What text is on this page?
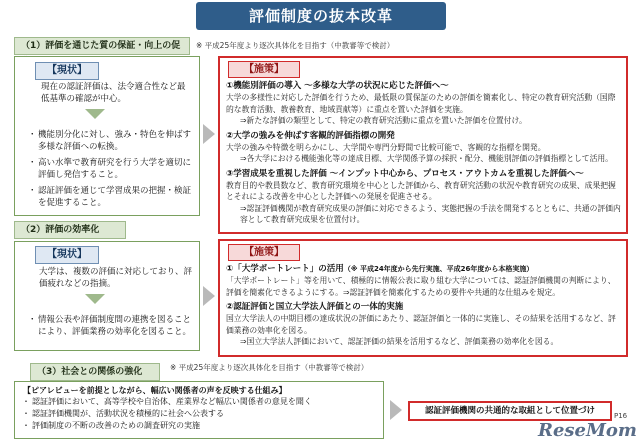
評価制度の抜本改革
（1）評価を通じた質の保証・向上の促	※ 平成25年度より逐次具体化を目指す（中教審等で検討）
【現状】
現在の認証評価は、法令適合性など最低基準の確認が中心。
・ 機能別分化に対し、強み・特色を伸ばす多様な評価への転換。
・ 高い水準で教育研究を行う大学を適切に評価し発信すること。
・ 認証評価を通じて学習成果の把握・検証を促進すること。
【施策】
①機能別評価の導入 ～多様な大学の状況に応じた評価へ～
大学の多様性に対応した評価を行うため、最低限の質保証のための評価を簡素化し、特定の教育研究活動（国際的な教育活動、教養教育、地域貢献等）に重点を置いた評価を実施。
⇒新たな評価の類型として、特定の教育研究活動に重点を置いた評価を位置付け。
②大学の強みを伸ばす客観的評価指標の開発
大学の強みや特徴を明らかにし、大学間や専門分野間で比較可能で、客観的な指標を開発。
⇒各大学における機能強化等の達成目標、大学関係予算の採択・配分、機能別評価の評価指標として活用。
③学習成果を重視した評価 ～インプット中心から、プロセス・アウトカムを重視した評価へ～
教育目的や教員数など、教育研究環境を中心とした評価から、教育研究活動の状況や教育研究の成果、成果把握とそれによる改善を中心とした評価への発展を促進させる。
⇒認証評価機関が教育研究成果の評価に対応できるよう、実態把握の手法を開発するとともに、共通の評価内容として教育研究成果を位置付け。
（2）評価の効率化
【現状】
大学は、複数の評価に対応しており、評価疲れなどの指摘。
・ 情報公表や評価制度間の連携を図ることにより、評価業務の効率化を図ること。
【施策】
①「大学ポートレート」の活用（※ 平成24年度から先行実施、平成26年度から本格実施）
「大学ポートレート」等を用いて、積極的に情報公表に取り組む大学については、認証評価機関の判断により、評価を簡素化できるようにする。⇒認証評価を簡素化するための要件や共通的な仕組みを規定。
②認証評価と国立大学法人評価との一体的実施
国立大学法人の中期目標の達成状況の評価にあたり、認証評価と一体的に実施し、その結果を活用するなど、評価業務の効率化を図る。
⇒国立大学法人評価において、認証評価の結果を活用するなど、評価業務の効率化を図る。
（3）社会との関係の強化	※ 平成25年度より逐次具体化を目指す（中教審等で検討）
【ピアレビューを前提としながら、幅広い関係者の声を反映する仕組み】
・ 認証評価において、高等学校や自治体、産業界など幅広い関係者の意見を聞く
・ 認証評価機関が、活動状況を積極的に社会へ公表する
・ 評価制度の不断の改善のための調査研究の実施
認証評価機関の共通的な取組として位置づけ	P16
ReseMom
